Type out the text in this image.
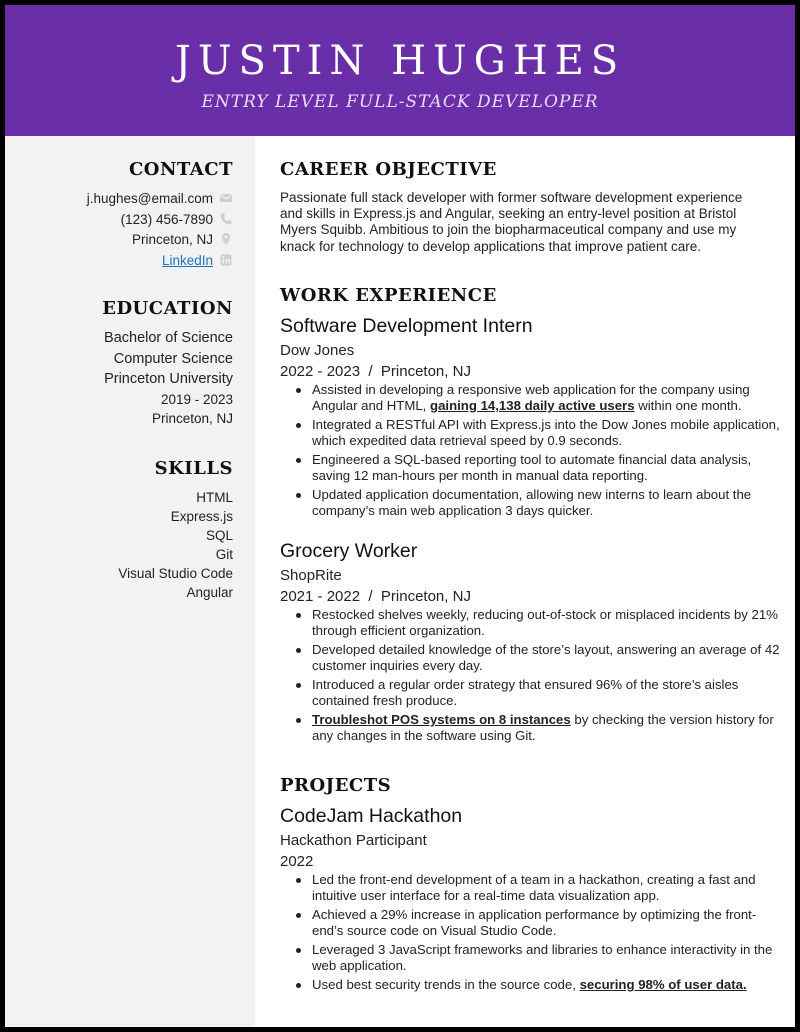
JUSTIN HUGHES
ENTRY LEVEL FULL-STACK DEVELOPER
CONTACT
j.hughes@email.com
(123) 456-7890
Princeton, NJ
LinkedIn
EDUCATION
Bachelor of Science
Computer Science
Princeton University
2019 - 2023
Princeton, NJ
SKILLS
HTML
Express.js
SQL
Git
Visual Studio Code
Angular
CAREER OBJECTIVE
Passionate full stack developer with former software development experience and skills in Express.js and Angular, seeking an entry-level position at Bristol Myers Squibb. Ambitious to join the biopharmaceutical company and use my knack for technology to develop applications that improve patient care.
WORK EXPERIENCE
Software Development Intern
Dow Jones
2022 - 2023  /  Princeton, NJ
Assisted in developing a responsive web application for the company using Angular and HTML, gaining 14,138 daily active users within one month.
Integrated a RESTful API with Express.js into the Dow Jones mobile application, which expedited data retrieval speed by 0.9 seconds.
Engineered a SQL-based reporting tool to automate financial data analysis, saving 12 man-hours per month in manual data reporting.
Updated application documentation, allowing new interns to learn about the company’s main web application 3 days quicker.
Grocery Worker
ShopRite
2021 - 2022  /  Princeton, NJ
Restocked shelves weekly, reducing out-of-stock or misplaced incidents by 21% through efficient organization.
Developed detailed knowledge of the store’s layout, answering an average of 42 customer inquiries every day.
Introduced a regular order strategy that ensured 96% of the store’s aisles contained fresh produce.
Troubleshot POS systems on 8 instances by checking the version history for any changes in the software using Git.
PROJECTS
CodeJam Hackathon
Hackathon Participant
2022
Led the front-end development of a team in a hackathon, creating a fast and intuitive user interface for a real-time data visualization app.
Achieved a 29% increase in application performance by optimizing the front-end’s source code on Visual Studio Code.
Leveraged 3 JavaScript frameworks and libraries to enhance interactivity in the web application.
Used best security trends in the source code, securing 98% of user data.
